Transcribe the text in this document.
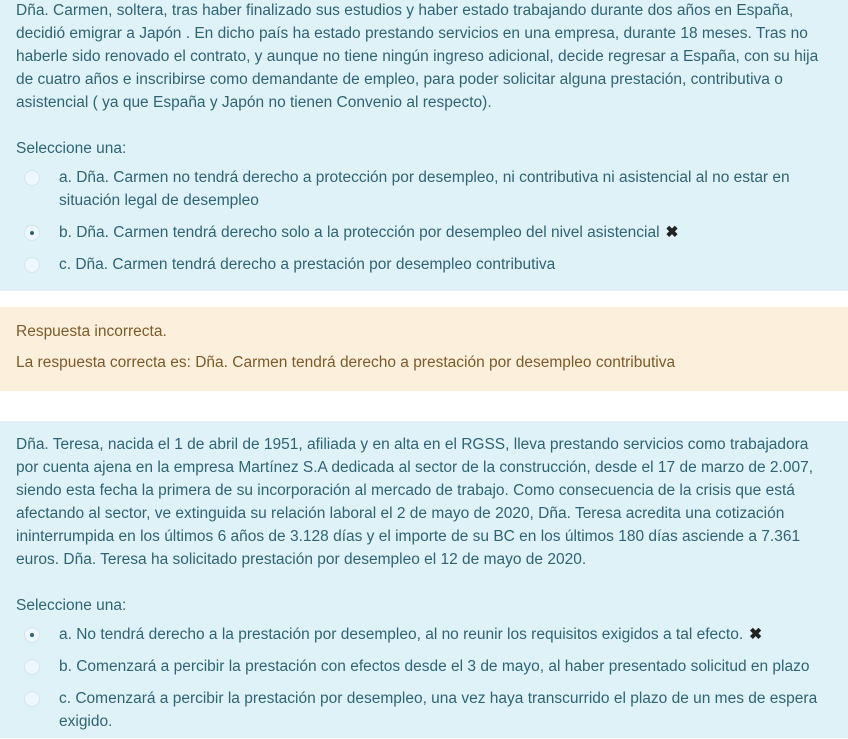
Dña. Carmen, soltera, tras haber finalizado sus estudios y haber estado trabajando durante dos años en España, decidió emigrar a Japón . En dicho país ha estado prestando servicios en una empresa, durante 18 meses. Tras no haberle sido renovado el contrato, y aunque no tiene ningún ingreso adicional, decide regresar a España, con su hija de cuatro años e inscribirse como demandante de empleo, para poder solicitar alguna prestación, contributiva o asistencial ( ya que España y Japón no tienen Convenio al respecto).

Seleccione una:
a. Dña. Carmen no tendrá derecho a protección por desempleo, ni contributiva ni asistencial al no estar en situación legal de desempleo
b. Dña. Carmen tendrá derecho solo a la protección por desempleo del nivel asistencial ✖
c. Dña. Carmen tendrá derecho a prestación por desempleo contributiva
Respuesta incorrecta.
La respuesta correcta es: Dña. Carmen tendrá derecho a prestación por desempleo contributiva

Dña. Teresa, nacida el 1 de abril de 1951, afiliada y en alta en el RGSS, lleva prestando servicios como trabajadora por cuenta ajena en la empresa Martínez S.A dedicada al sector de la construcción, desde el 17 de marzo de 2.007, siendo esta fecha la primera de su incorporación al mercado de trabajo. Como consecuencia de la crisis que está afectando al sector, ve extinguida su relación laboral el 2 de mayo de 2020, Dña. Teresa acredita una cotización ininterrumpida en los últimos 6 años de 3.128 días y el importe de su BC en los últimos 180 días asciende a 7.361 euros. Dña. Teresa ha solicitado prestación por desempleo el 12 de mayo de 2020.

Seleccione una:
a. No tendrá derecho a la prestación por desempleo, al no reunir los requisitos exigidos a tal efecto. ✖
b. Comenzará a percibir la prestación con efectos desde el 3 de mayo, al haber presentado solicitud en plazo
c. Comenzará a percibir la prestación por desempleo, una vez haya transcurrido el plazo de un mes de espera exigido.
